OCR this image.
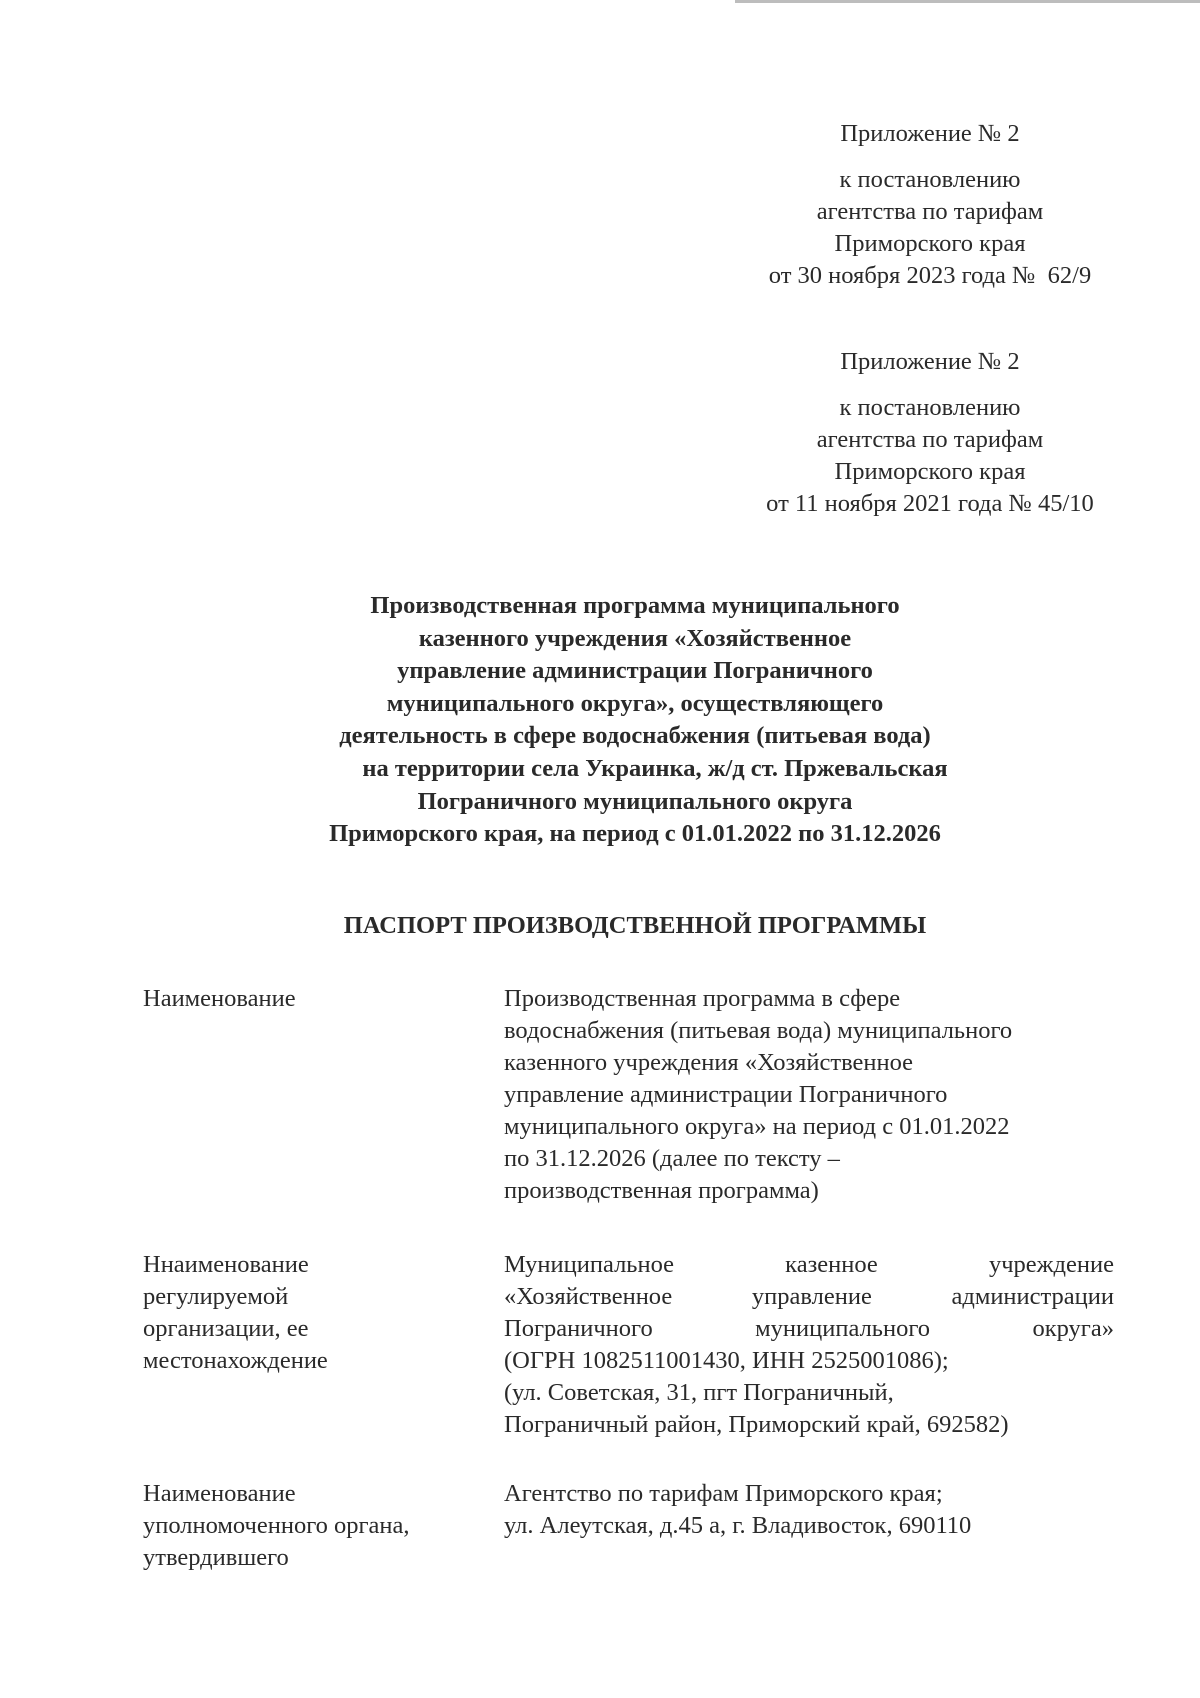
Приложение № 2
к постановлению
агентства по тарифам
Приморского края
от 30 ноября 2023 года №  62/9
Приложение № 2
к постановлению
агентства по тарифам
Приморского края
от 11 ноября 2021 года № 45/10
Производственная программа муниципального
казенного учреждения «Хозяйственное
управление администрации Пограничного
муниципального округа», осуществляющего
деятельность в сфере водоснабжения (питьевая вода)
на территории села Украинка, ж/д ст. Пржевальская
Пограничного муниципального округа
Приморского края, на период с 01.01.2022 по 31.12.2026
ПАСПОРТ ПРОИЗВОДСТВЕННОЙ ПРОГРАММЫ
Наименование	Производственная программа в сфере
водоснабжения (питьевая вода) муниципального
казенного учреждения «Хозяйственное
управление администрации Пограничного
муниципального округа» на период с 01.01.2022
по 31.12.2026 (далее по тексту –
производственная программа)
Ннаименование
регулируемой
организации, ее
местонахождение
Муниципальное казенное учреждение
«Хозяйственное управление администрации
Пограничного муниципального округа»
(ОГРН 1082511001430, ИНН 2525001086);
(ул. Советская, 31, пгт Пограничный,
Пограничный район, Приморский край, 692582)
Наименование
уполномоченного органа,
утвердившего
Агентство по тарифам Приморского края;
ул. Алеутская, д.45 а, г. Владивосток, 690110
